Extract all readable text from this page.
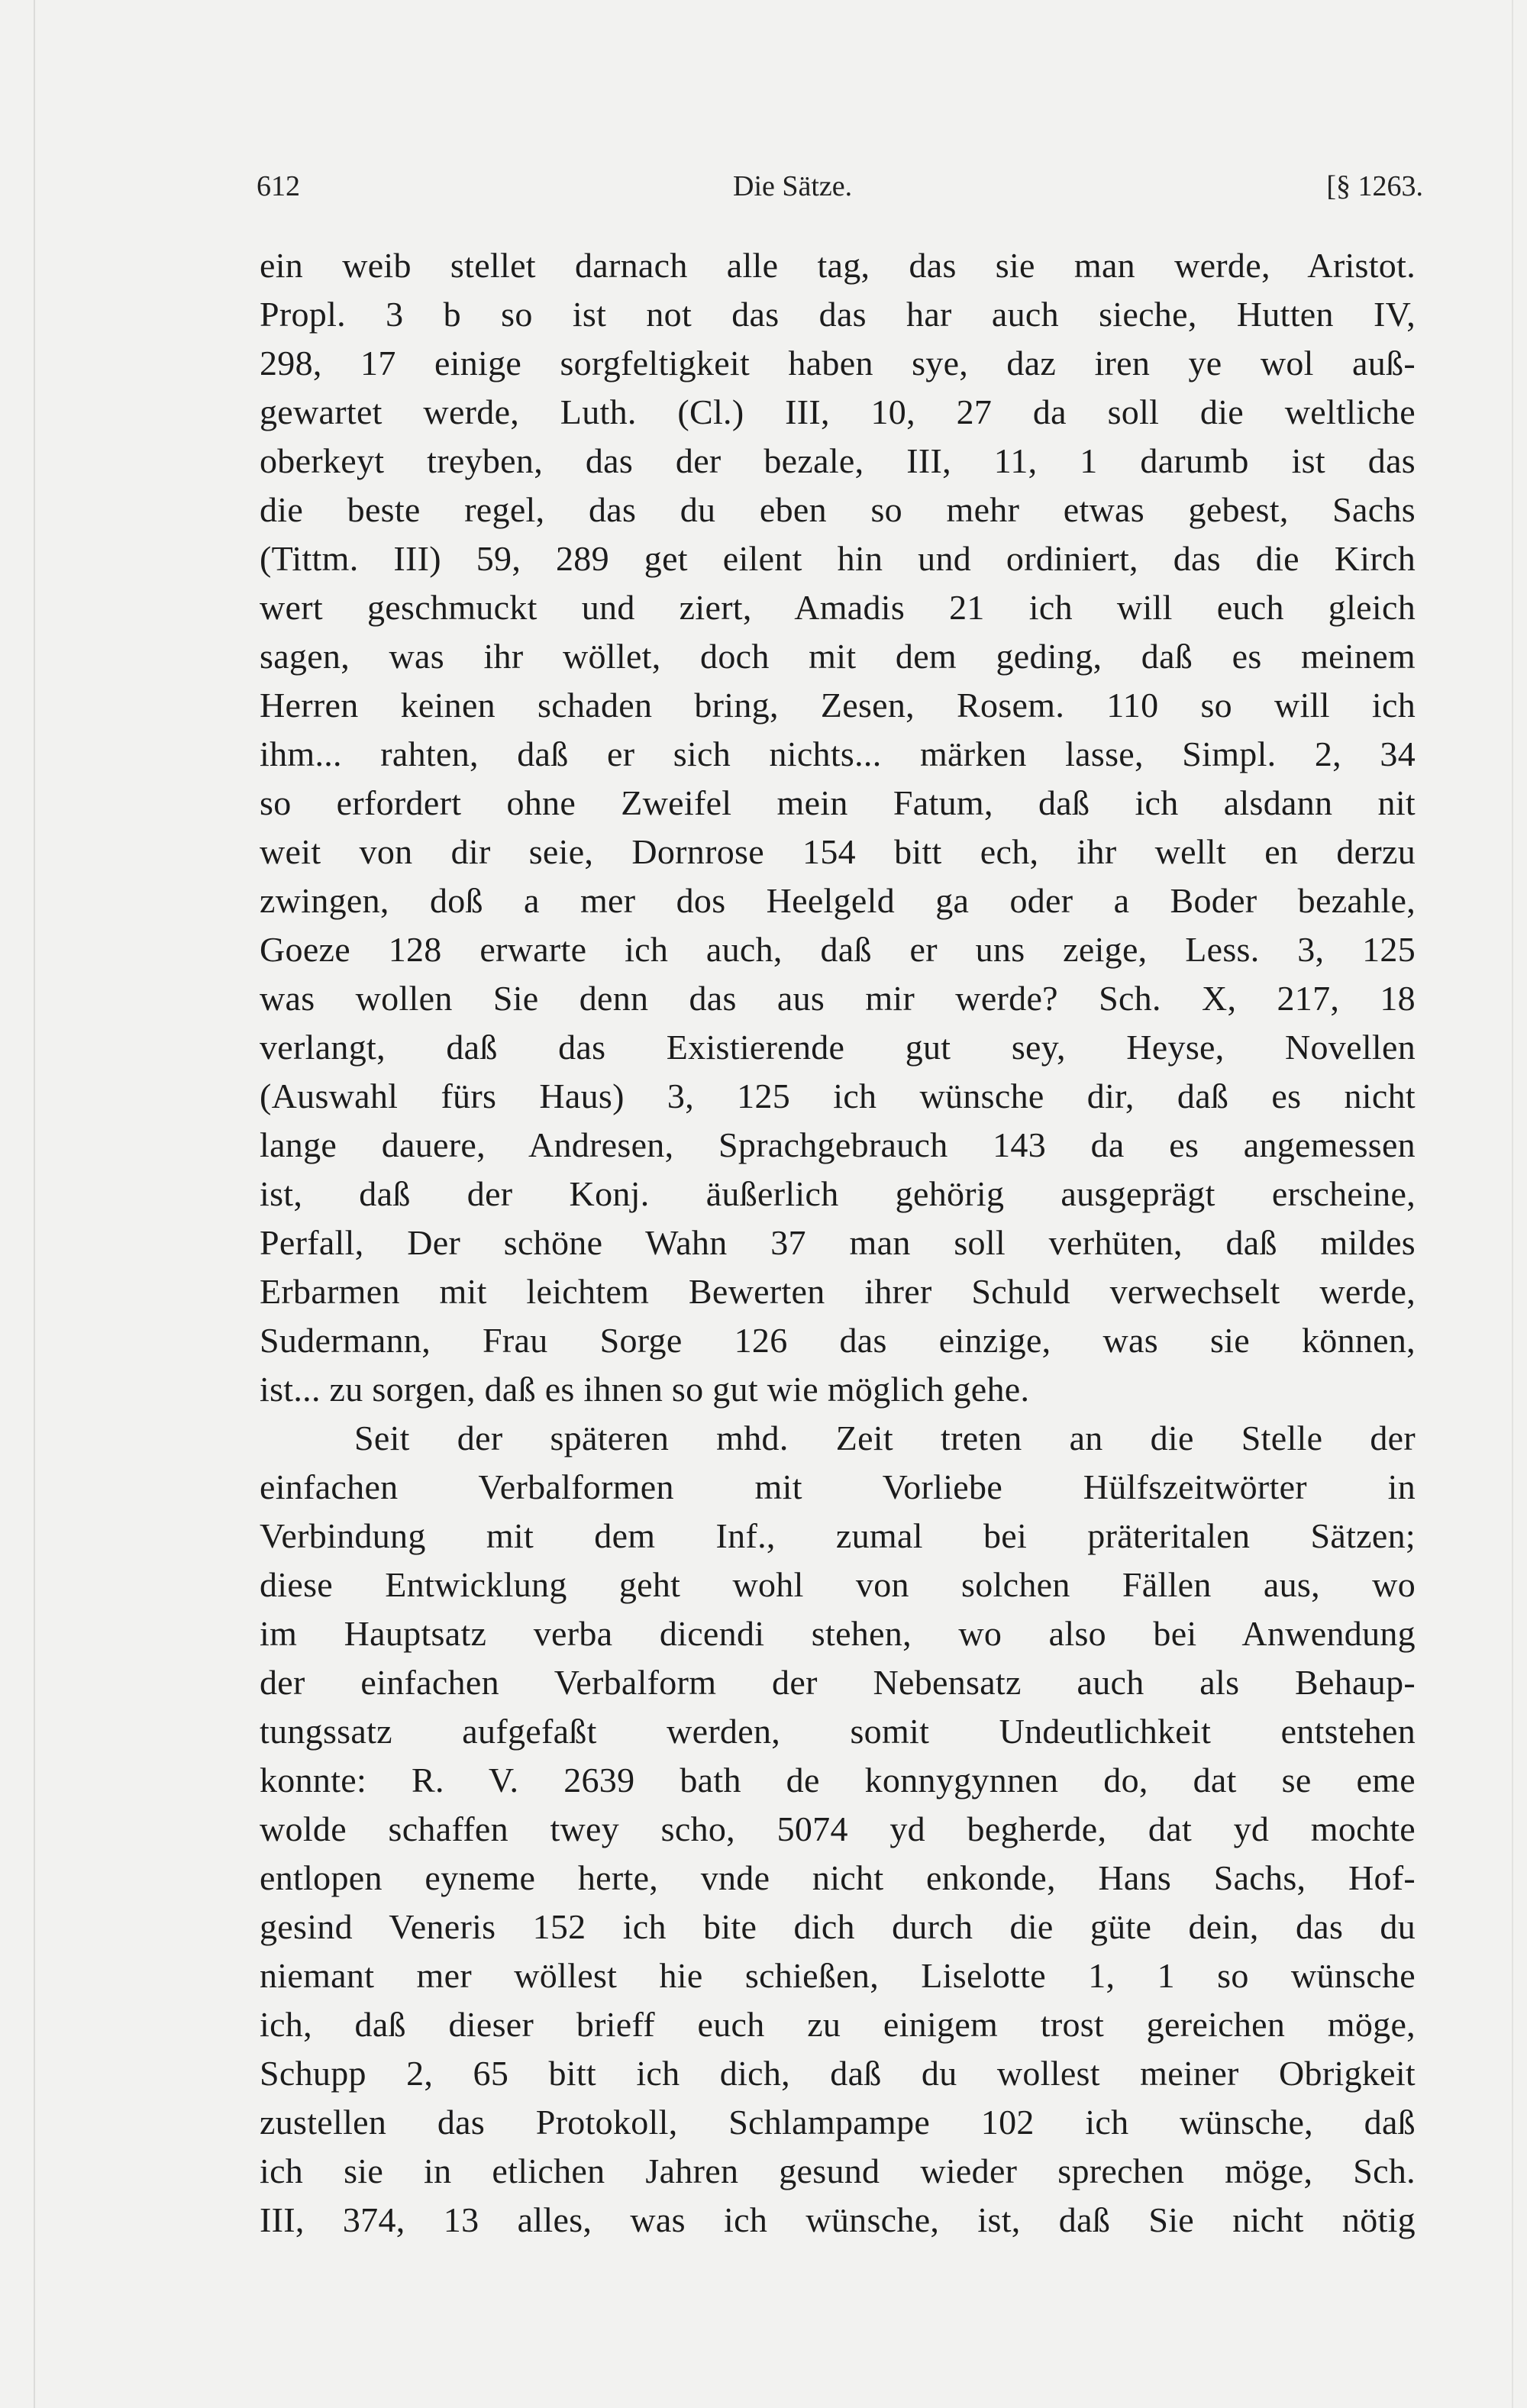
612	Die Sätze.	[§ 1263.
ein weib stellet darnach alle tag, das sie man werde, Aristot.
Propl. 3 b so ist not das das har auch sieche, Hutten IV,
298, 17 einige sorgfeltigkeit haben sye, daz iren ye wol auß-
gewartet werde, Luth. (Cl.) III, 10, 27 da soll die weltliche
oberkeyt treyben, das der bezale, III, 11, 1 darumb ist das
die beste regel, das du eben so mehr etwas gebest, Sachs
(Tittm. III) 59, 289 get eilent hin und ordiniert, das die Kirch
wert geschmuckt und ziert, Amadis 21 ich will euch gleich
sagen, was ihr wöllet, doch mit dem geding, daß es meinem
Herren keinen schaden bring, Zesen, Rosem. 110 so will ich
ihm... rahten, daß er sich nichts... märken lasse, Simpl. 2, 34
so erfordert ohne Zweifel mein Fatum, daß ich alsdann nit
weit von dir seie, Dornrose 154 bitt ech, ihr wellt en derzu
zwingen, doß a mer dos Heelgeld ga oder a Boder bezahle,
Goeze 128 erwarte ich auch, daß er uns zeige, Less. 3, 125
was wollen Sie denn das aus mir werde? Sch. X, 217, 18
verlangt, daß das Existierende gut sey, Heyse, Novellen
(Auswahl fürs Haus) 3, 125 ich wünsche dir, daß es nicht
lange dauere, Andresen, Sprachgebrauch 143 da es angemessen
ist, daß der Konj. äußerlich gehörig ausgeprägt erscheine,
Perfall, Der schöne Wahn 37 man soll verhüten, daß mildes
Erbarmen mit leichtem Bewerten ihrer Schuld verwechselt werde,
Sudermann, Frau Sorge 126 das einzige, was sie können,
ist... zu sorgen, daß es ihnen so gut wie möglich gehe.
Seit der späteren mhd. Zeit treten an die Stelle der
einfachen Verbalformen mit Vorliebe Hülfszeitwörter in
Verbindung mit dem Inf., zumal bei präteritalen Sätzen;
diese Entwicklung geht wohl von solchen Fällen aus, wo
im Hauptsatz verba dicendi stehen, wo also bei Anwendung
der einfachen Verbalform der Nebensatz auch als Behaup-
tungssatz aufgefaßt werden, somit Undeutlichkeit entstehen
konnte: R. V. 2639 bath de konnygynnen do, dat se eme
wolde schaffen twey scho, 5074 yd begherde, dat yd mochte
entlopen eyneme herte, vnde nicht enkonde, Hans Sachs, Hof-
gesind Veneris 152 ich bite dich durch die güte dein, das du
niemant mer wöllest hie schießen, Liselotte 1, 1 so wünsche
ich, daß dieser brieff euch zu einigem trost gereichen möge,
Schupp 2, 65 bitt ich dich, daß du wollest meiner Obrigkeit
zustellen das Protokoll, Schlampampe 102 ich wünsche, daß
ich sie in etlichen Jahren gesund wieder sprechen möge, Sch.
III, 374, 13 alles, was ich wünsche, ist, daß Sie nicht nötig
